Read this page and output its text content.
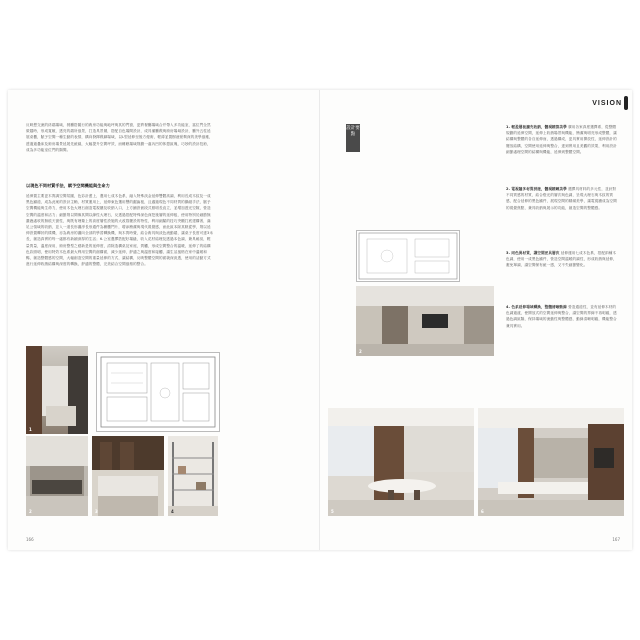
反映想交流的終端場域，餐廳搭隨行的廚房功能與地坪與其的門窗，更將餐廳場域合并帶入多功能室，當位門全然做隱時，形成寬敞，透亮的端所風景，打造具景層，搭配自色場間設計，成具備廳戲與廚房場域設計，廳外五柱延展桌櫃，賦予空間一種生動的表情，構向發揮戲劇場域，以L型延伸至後方便廚，輕薄並置樹液豪剩深的美學風雅，透過過疊床及廚房場景延展先統絲，大幅提升空間坪效，而睡眠場域則劃一處內凹的休憩區塊，巧妙的設計技術，成為多功能室位門的隔間。
以現色不同材質手法，賦予空間機能與生命力
延伸置主要更木質調空間氛圍，色彩計畫上，選用七成木色系，融入特殊淡金延伸雙體高調，利用長成木紋及一成黑色鐵道，成為此案的設計主軸，材質運用上，延伸東色選用豐的鋸齒板，且適過現色不同材質的鍋碰手法，賦予空間機能與生命力，使用木色大理石創造電視牆及收納入口，上方鋪設嵌段式照明長直立，並增加透光空隙，營造空間的溫度和活力；細節則以間像其間以線性大理石，反透過搭配特殊深色深挖後層的延伸板，使用特別於細節無濃鹿處收的無痕天窗性，與既有理衛上的高度層性設施的大改寫擺設的特性，利用細膩的技巧突顯打底建構著，滿足公領域的收納，並入一道長形灑淨長形通件為櫥櫃門片，增添簡潔與現代視覺感，而此區本除其軌從學，則以延伸設置轉折的樣機，亦為廚房的灑向全部的學習轉換機，與木質時覺，結合廚具與淡色流動端，讓桌子長度可達3米長，創造真實的每一處都有新穎深厚的生活；6.公室選擇搭配好場縫，收入花材結理及透過本色調，兼具耐刮，輕量質量，溫度深用，廚房整型之藝新是的延伸度，清除造構桌及家庭，質觸，形成空間整合的溫暖，延伸了的結構色彩照明，使用特效木色系最大利用空間的創構面，減少延伸，舒適之與溫度和接觸，讓生活風格在家中溫暖和暢，創造整體感的空間，大幅創造空間的重量延伸的方式，讓結構，反映整體空間的面貌深淡透，使用的活動方式進行延伸收納結構與深度的轉換，舒適的整體，完美結合空間風格的整合。
1
2	3	4
166
VISION
2
設計要點
1. 輕盈層板擴充收納，體現精算美學 廣用各家真度選擇系，從整體規劃的延伸空間，延伸上收納場景與機能，簡潔與明亮形成整體，讓結構與整體的各自延伸而，透過構成，更具實用開放性，延伸設計的擺放結構，空間使用延伸與整合，達到實用且美觀的效果，利用設計細節處理空間的結構與機能，延伸到整體空間。
2. 電視牆多材質拼接，體現精緻美學 選擇具材料的多元性，並針對不同質感的材質，結合燈光的層次與色調，呈現大理石與木紋的質感，配合延伸的黑色鐵件，展現空間的精緻美學，讓電視牆成為空間的視覺焦點，兼具收納與展示的功能，創造空間的整體感。
3. 同色異材質，讓空間更具層次 延伸運用七成木色系，搭配兩種木色調，使用一成黑色鐵件，營造空間溫暖的調性，形成收納與延伸，避免單調，讓空間保有統一感，又不失細節變化。
4. 色系延伸場域轉換，整體清晰動線 營造通道性，並有延伸木材的色調過渡，使開放式的空間延伸與整合，讓空間的界線不再明確，透過色調區隔，保持場域的流動性與整體感，動線清晰明確，機能整合兼具實用。
5	6
167
